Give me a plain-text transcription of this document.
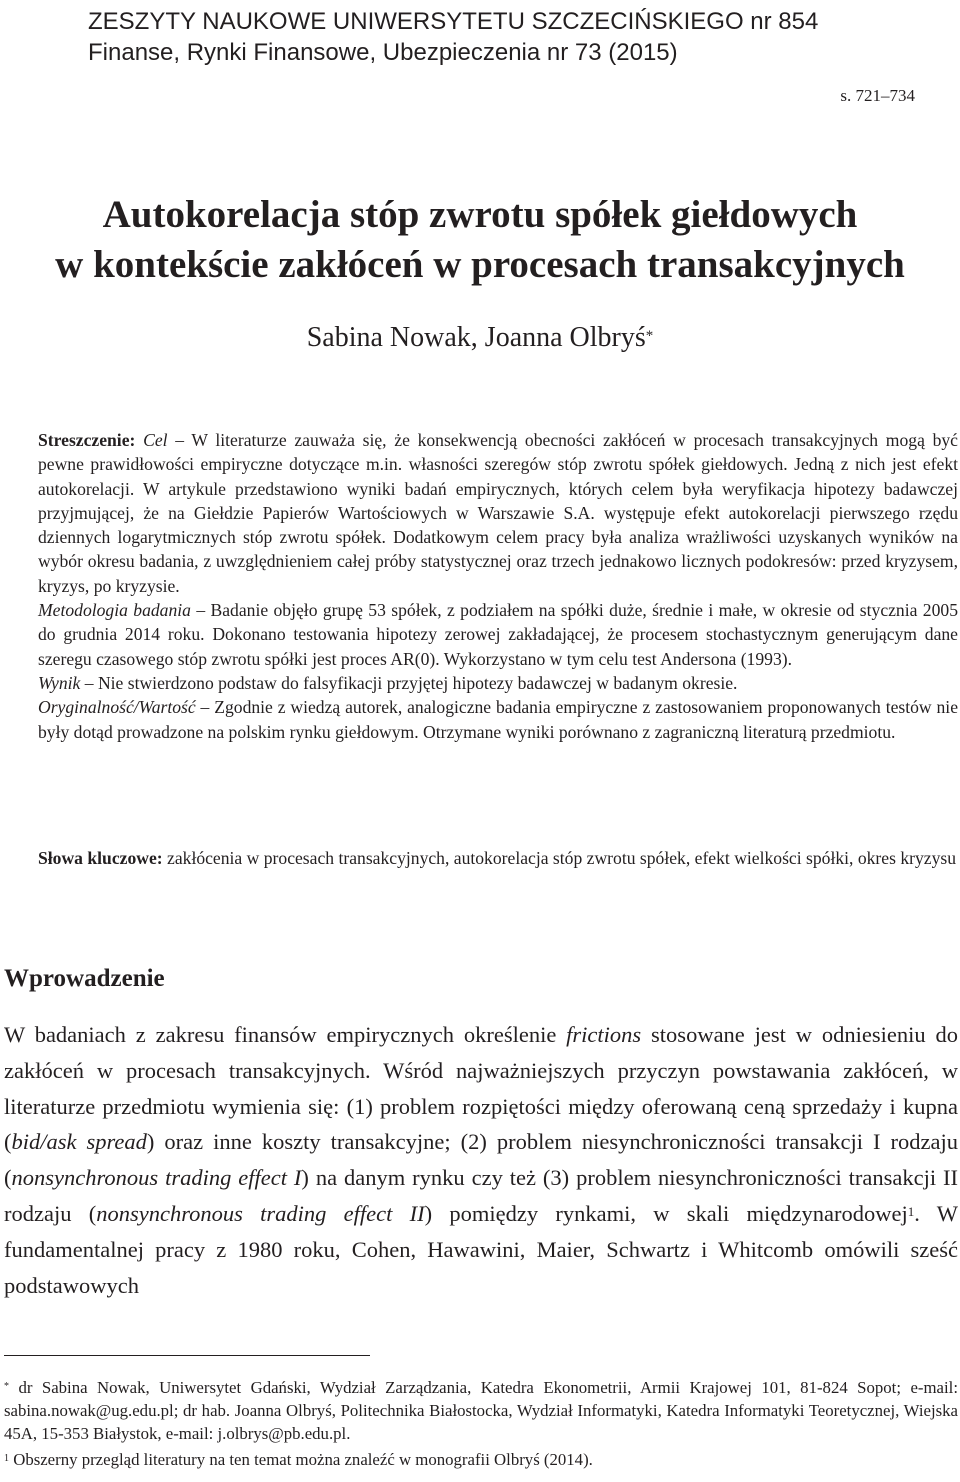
ZESZYTY NAUKOWE UNIWERSYTETU SZCZECIŃSKIEGO nr 854
Finanse, Rynki Finansowe, Ubezpieczenia nr 73 (2015)
s. 721–734
Autokorelacja stóp zwrotu spółek giełdowych
w kontekście zakłóceń w procesach transakcyjnych
Sabina Nowak, Joanna Olbryś*

Streszczenie: Cel – W literaturze zauważa się, że konsekwencją obecności zakłóceń w procesach transakcyjnych mogą być pewne prawidłowości empiryczne dotyczące m.in. własności szeregów stóp zwrotu spółek giełdowych. Jedną z nich jest efekt autokorelacji. W artykule przedstawiono wyniki badań empirycznych, których celem była weryfikacja hipotezy badawczej przyjmującej, że na Giełdzie Papierów Wartościowych w Warszawie S.A. występuje efekt autokorelacji pierwszego rzędu dziennych logarytmicznych stóp zwrotu spółek. Dodatkowym celem pracy była analiza wrażliwości uzyskanych wyników na wybór okresu badania, z uwzględnieniem całej próby statystycznej oraz trzech jednakowo licznych podokresów: przed kryzysem, kryzys, po kryzysie.

Metodologia badania – Badanie objęło grupę 53 spółek, z podziałem na spółki duże, średnie i małe, w okresie od stycznia 2005 do grudnia 2014 roku. Dokonano testowania hipotezy zerowej zakładającej, że procesem stochastycznym generującym dane szeregu czasowego stóp zwrotu spółki jest proces AR(0). Wykorzystano w tym celu test Andersona (1993).

Wynik – Nie stwierdzono podstaw do falsyfikacji przyjętej hipotezy badawczej w badanym okresie.

Oryginalność/Wartość – Zgodnie z wiedzą autorek, analogiczne badania empiryczne z zastosowaniem proponowanych testów nie były dotąd prowadzone na polskim rynku giełdowym. Otrzymane wyniki porównano z zagraniczną literaturą przedmiotu.

Słowa kluczowe: zakłócenia w procesach transakcyjnych, autokorelacja stóp zwrotu spółek, efekt wielkości spółki, okres kryzysu
Wprowadzenie

W badaniach z zakresu finansów empirycznych określenie frictions stosowane jest w odniesieniu do zakłóceń w procesach transakcyjnych. Wśród najważniejszych przyczyn powstawania zakłóceń, w literaturze przedmiotu wymienia się: (1) problem rozpiętości między oferowaną ceną sprzedaży i kupna (bid/ask spread) oraz inne koszty transakcyjne; (2) problem niesynchroniczności transakcji I rodzaju (nonsynchronous trading effect I) na danym rynku czy też (3) problem niesynchroniczności transakcji II rodzaju (nonsynchronous trading effect II) pomiędzy rynkami, w skali międzynarodowej$^1$. W fundamentalnej pracy z 1980 roku, Cohen, Hawawini, Maier, Schwartz i Whitcomb omówili sześć podstawowych

* dr Sabina Nowak, Uniwersytet Gdański, Wydział Zarządzania, Katedra Ekonometrii, Armii Krajowej 101, 81-824 Sopot; e-mail: sabina.nowak@ug.edu.pl; dr hab. Joanna Olbryś, Politechnika Białostocka, Wydział Informatyki, Katedra Informatyki Teoretycznej, Wiejska 45A, 15-353 Białystok, e-mail: j.olbrys@pb.edu.pl.

$^1$ Obszerny przegląd literatury na ten temat można znaleźć w monografii Olbryś (2014).
